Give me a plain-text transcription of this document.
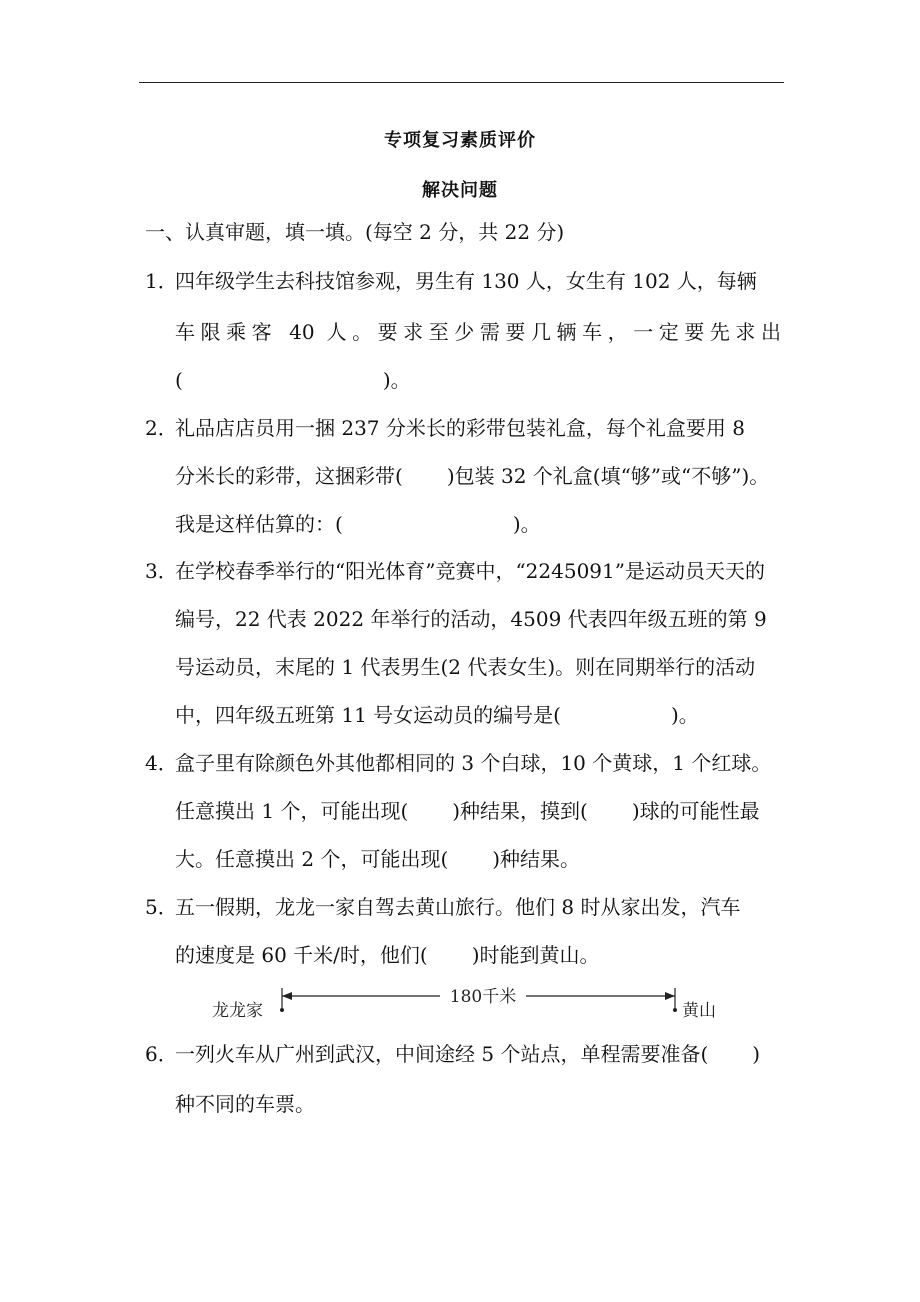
专项复习素质评价
解决问题
一、认真审题，填一填。(每空 2 分，共 22 分)
1．
四年级学生去科技馆参观，男生有 130 人，女生有 102 人，每辆
车限乘客 40 人。要求至少需要几辆车，一定要先求出
(	)。
2．
礼品店店员用一捆 237 分米长的彩带包装礼盒，每个礼盒要用 8
分米长的彩带，这捆彩带( )包装 32 个礼盒(填“够”或“不够”)。
我是这样估算的：(	)。
3．
在学校春季举行的“阳光体育”竞赛中，“2245091”是运动员天天的
编号，22 代表 2022 年举行的活动，4509 代表四年级五班的第 9
号运动员，末尾的 1 代表男生(2 代表女生)。则在同期举行的活动
中，四年级五班第 11 号女运动员的编号是(	)。
4．
盒子里有除颜色外其他都相同的 3 个白球，10 个黄球，1 个红球。
任意摸出 1 个，可能出现( )种结果，摸到( )球的可能性最
大。任意摸出 2 个，可能出现( )种结果。
5．
五一假期，龙龙一家自驾去黄山旅行。他们 8 时从家出发，汽车
的速度是 60 千米/时，他们( )时能到黄山。
龙龙家
180千米
黄山
6．
一列火车从广州到武汉，中间途经 5 个站点，单程需要准备( )
种不同的车票。
